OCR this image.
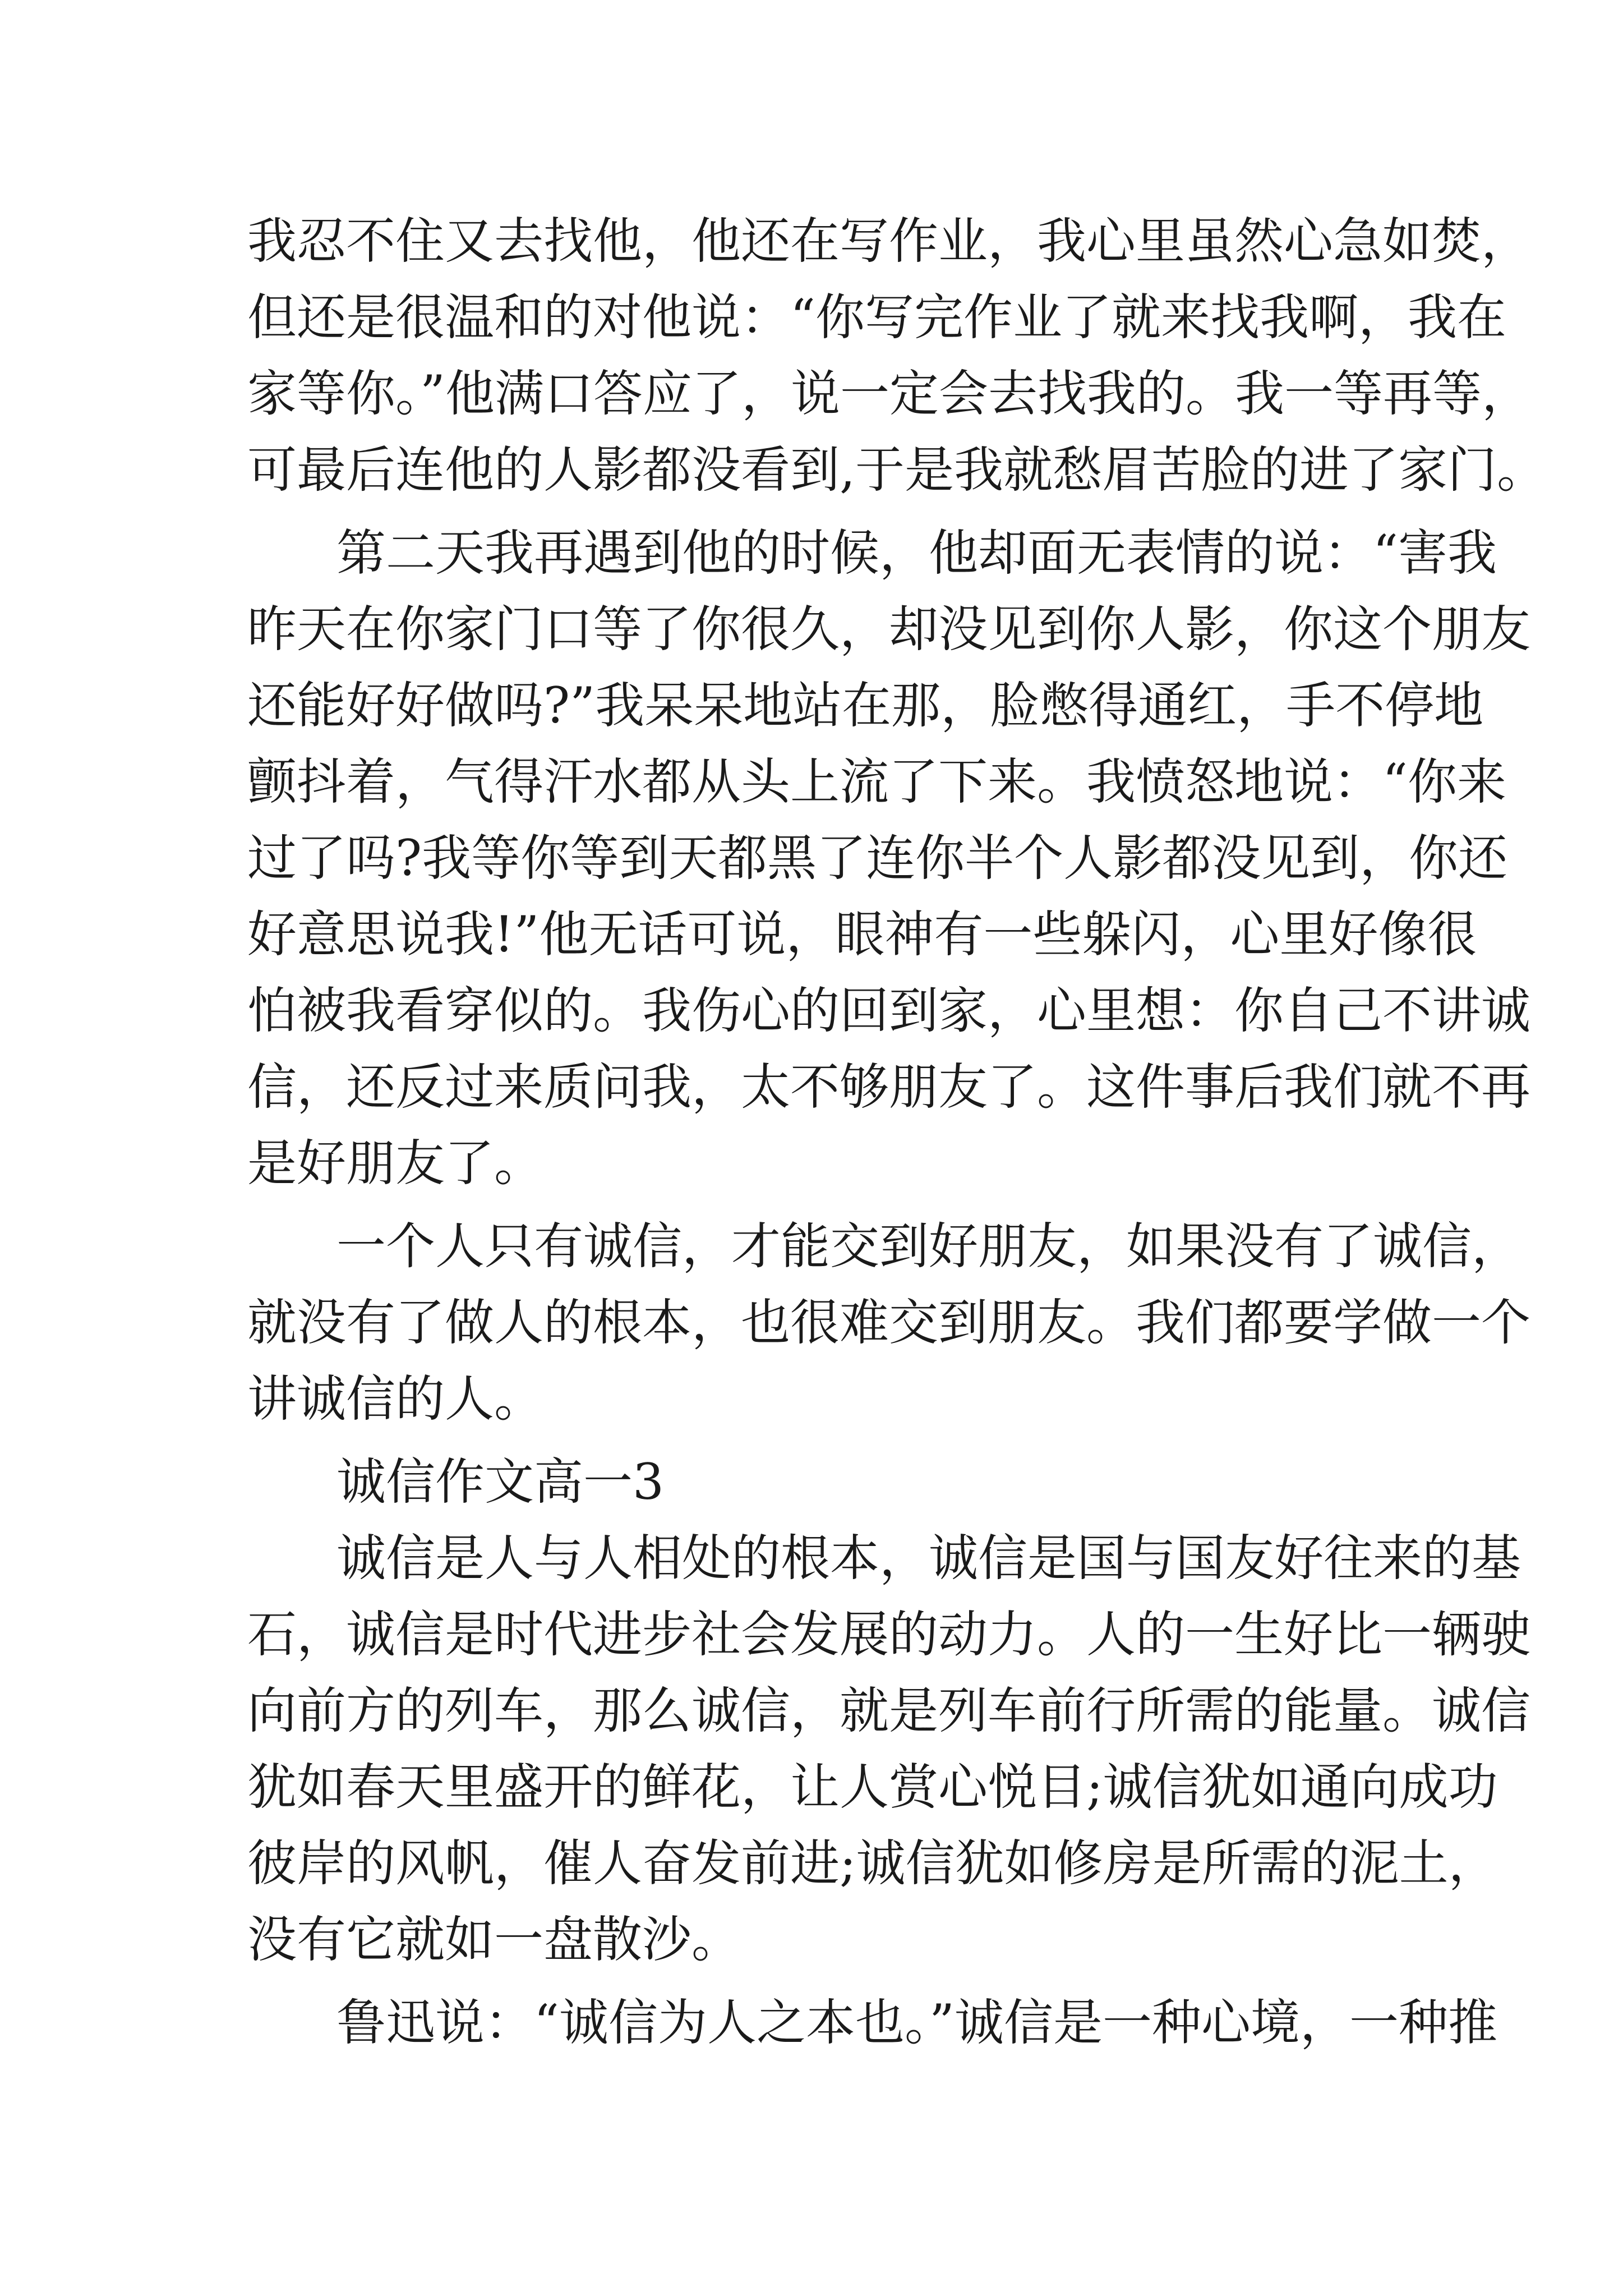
我忍不住又去找他，他还在写作业，我心里虽然心急如焚，
但还是很温和的对他说：“你写完作业了就来找我啊，我在
家等你。”他满口答应了，说一定会去找我的。我一等再等，
可最后连他的人影都没看到,于是我就愁眉苦脸的进了家门。
第二天我再遇到他的时候，他却面无表情的说：“害我
昨天在你家门口等了你很久，却没见到你人影，你这个朋友
还能好好做吗?”我呆呆地站在那，脸憋得通红，手不停地
颤抖着，气得汗水都从头上流了下来。我愤怒地说：“你来
过了吗?我等你等到天都黑了连你半个人影都没见到，你还
好意思说我!”他无话可说，眼神有一些躲闪，心里好像很
怕被我看穿似的。我伤心的回到家，心里想：你自己不讲诚
信，还反过来质问我，太不够朋友了。这件事后我们就不再
是好朋友了。
一个人只有诚信，才能交到好朋友，如果没有了诚信，
就没有了做人的根本，也很难交到朋友。我们都要学做一个
讲诚信的人。
诚信作文高一3
诚信是人与人相处的根本，诚信是国与国友好往来的基
石，诚信是时代进步社会发展的动力。人的一生好比一辆驶
向前方的列车，那么诚信，就是列车前行所需的能量。诚信
犹如春天里盛开的鲜花，让人赏心悦目;诚信犹如通向成功
彼岸的风帆，催人奋发前进;诚信犹如修房是所需的泥土，
没有它就如一盘散沙。
鲁迅说：“诚信为人之本也。”诚信是一种心境，一种推
